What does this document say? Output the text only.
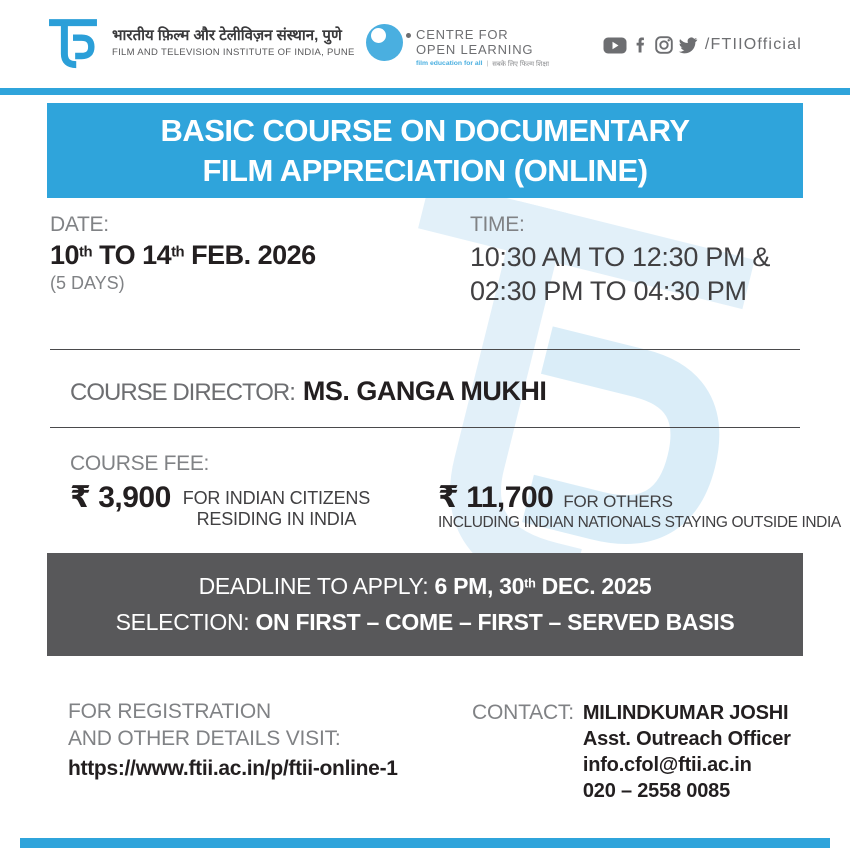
भारतीय फ़िल्म और टेलीविज़न संस्थान, पुणे
FILM AND TELEVISION INSTITUTE OF INDIA, PUNE
CENTRE FOR
OPEN LEARNING
film education for all | सबके लिए फिल्म शिक्षा
/FTIIOfficial
BASIC COURSE ON DOCUMENTARY
FILM APPRECIATION (ONLINE)
DATE:
10th TO 14th FEB. 2026
(5 DAYS)
TIME:
10:30 AM TO 12:30 PM &
02:30 PM TO 04:30 PM
COURSE DIRECTOR: MS. GANGA MUKHI
COURSE FEE:
₹ 3,900 FOR INDIAN CITIZENS
RESIDING IN INDIA
₹ 11,700 FOR OTHERS
INCLUDING INDIAN NATIONALS STAYING OUTSIDE INDIA
DEADLINE TO APPLY: 6 PM, 30th DEC. 2025
SELECTION: ON FIRST – COME – FIRST – SERVED BASIS
FOR REGISTRATION
AND OTHER DETAILS VISIT:
https://www.ftii.ac.in/p/ftii-online-1
CONTACT: MILINDKUMAR JOSHI
Asst. Outreach Officer
info.cfol@ftii.ac.in
020 – 2558 0085
